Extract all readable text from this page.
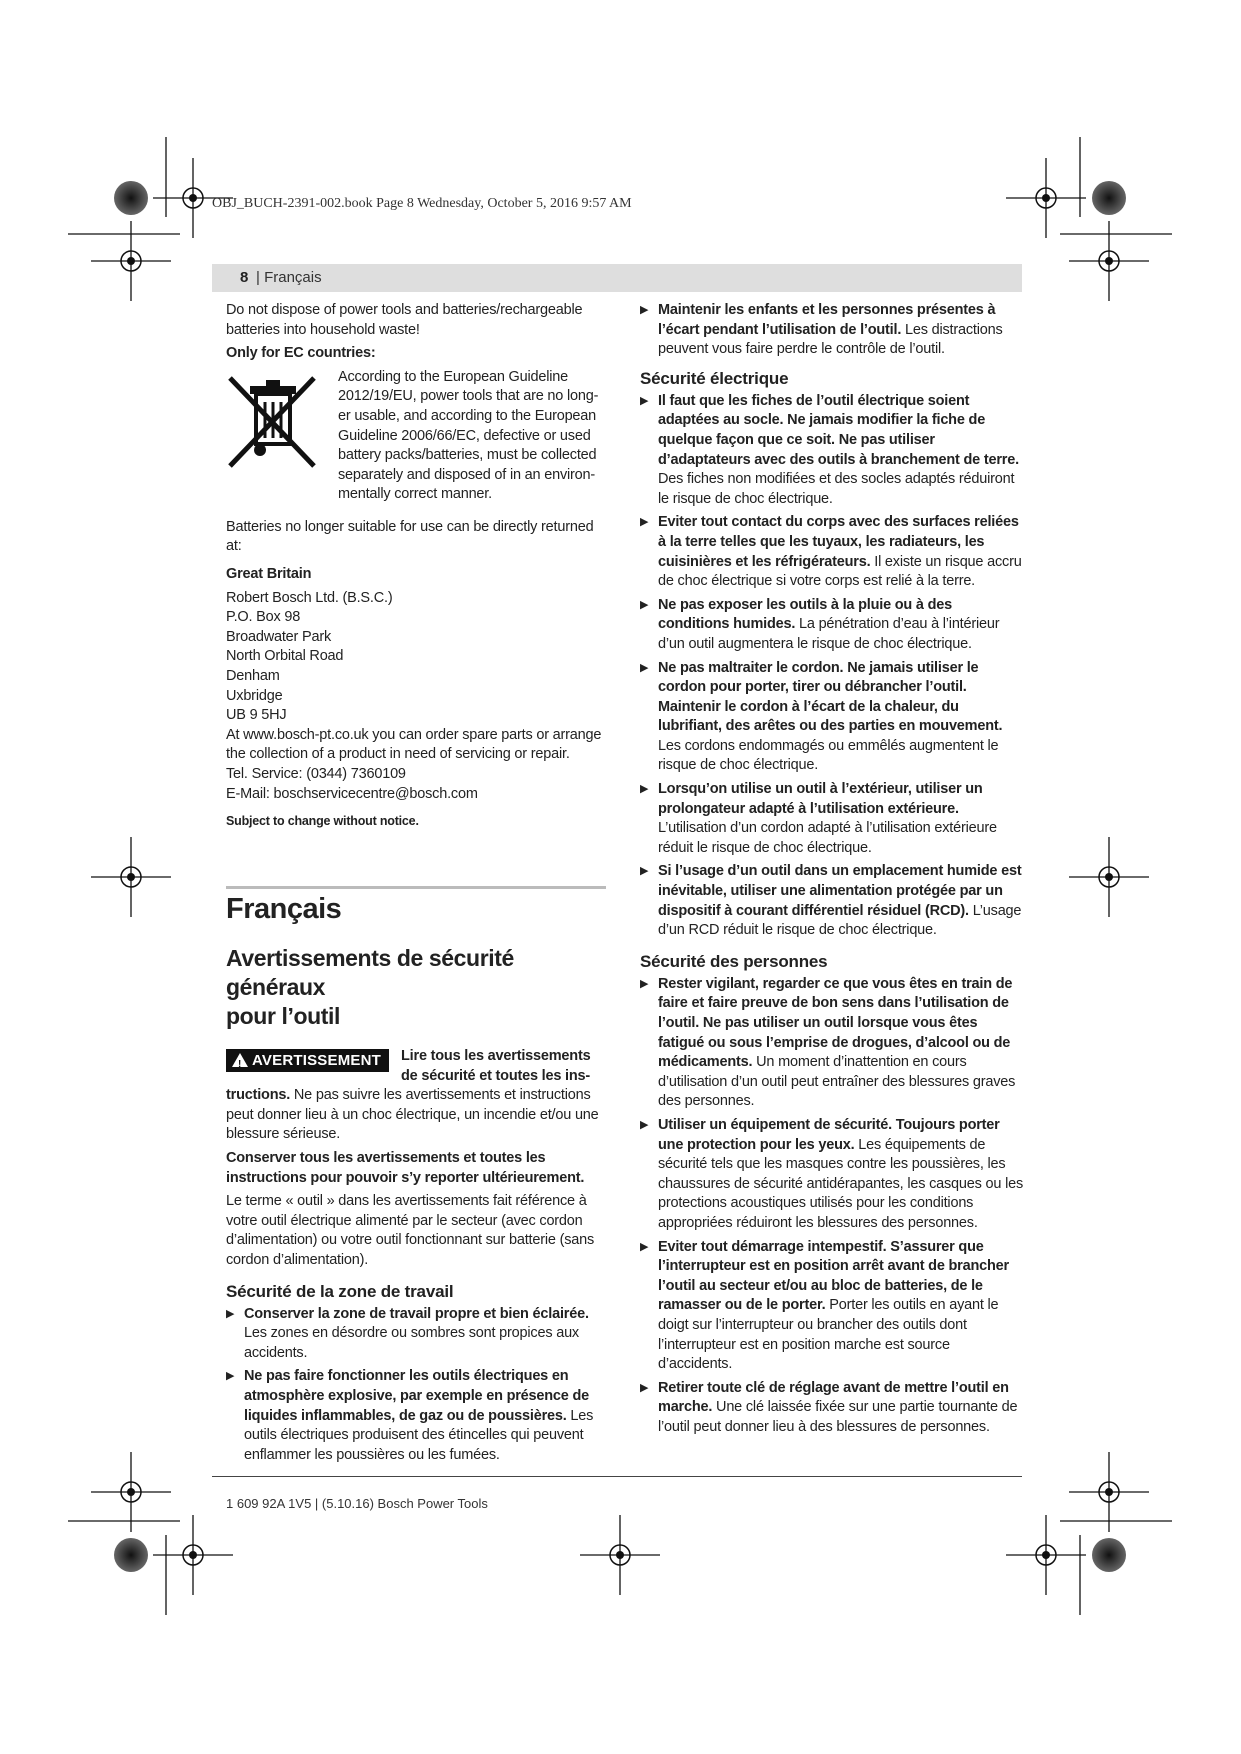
OBJ_BUCH-2391-002.book Page 8 Wednesday, October 5, 2016 9:57 AM
8 | Français

Do not dispose of power tools and batteries/rechargeable batteries into household waste!

Only for EC countries:

According to the European Guideline
2012/19/EU, power tools that are no long-
er usable, and according to the European
Guideline 2006/66/EC, defective or used
battery packs/batteries, must be collected
separately and disposed of in an environ-
mentally correct manner.

Batteries no longer suitable for use can be directly returned at:

Great Britain

Robert Bosch Ltd. (B.S.C.)
P.O. Box 98
Broadwater Park
North Orbital Road
Denham
Uxbridge
UB 9 5HJ
At www.bosch-pt.co.uk you can order spare parts or arrange the collection of a product in need of servicing or repair.
Tel. Service: (0344) 7360109
E-Mail: boschservicecentre@bosch.com

Subject to change without notice.

Français
Avertissements de sécurité généraux
pour l’outil
! AVERTISSEMENT	Lire tous les avertissements
de sécurité et toutes les ins-

tructions. Ne pas suivre les avertissements et instructions peut donner lieu à un choc électrique, un incendie et/ou une blessure sérieuse.

Conserver tous les avertissements et toutes les instructions pour pouvoir s’y reporter ultérieurement.

Le terme « outil » dans les avertissements fait référence à votre outil électrique alimenté par le secteur (avec cordon d’alimentation) ou votre outil fonctionnant sur batterie (sans cordon d’alimentation).

Sécurité de la zone de travail
▶ Conserver la zone de travail propre et bien éclairée. Les zones en désordre ou sombres sont propices aux accidents.
▶ Ne pas faire fonctionner les outils électriques en atmosphère explosive, par exemple en présence de liquides inflammables, de gaz ou de poussières. Les outils électriques produisent des étincelles qui peuvent enflammer les poussières ou les fumées.
▶ Maintenir les enfants et les personnes présentes à l’écart pendant l’utilisation de l’outil. Les distractions peuvent vous faire perdre le contrôle de l’outil.
Sécurité électrique
▶ Il faut que les fiches de l’outil électrique soient adaptées au socle. Ne jamais modifier la fiche de quelque façon que ce soit. Ne pas utiliser d’adaptateurs avec des outils à branchement de terre. Des fiches non modifiées et des socles adaptés réduiront le risque de choc électrique.
▶ Eviter tout contact du corps avec des surfaces reliées à la terre telles que les tuyaux, les radiateurs, les cuisinières et les réfrigérateurs. Il existe un risque accru de choc électrique si votre corps est relié à la terre.
▶ Ne pas exposer les outils à la pluie ou à des conditions humides. La pénétration d’eau à l’intérieur d’un outil augmentera le risque de choc électrique.
▶ Ne pas maltraiter le cordon. Ne jamais utiliser le cordon pour porter, tirer ou débrancher l’outil. Maintenir le cordon à l’écart de la chaleur, du lubrifiant, des arêtes ou des parties en mouvement. Les cordons endommagés ou emmêlés augmentent le risque de choc électrique.
▶ Lorsqu’on utilise un outil à l’extérieur, utiliser un prolongateur adapté à l’utilisation extérieure. L’utilisation d’un cordon adapté à l’utilisation extérieure réduit le risque de choc électrique.
▶ Si l’usage d’un outil dans un emplacement humide est inévitable, utiliser une alimentation protégée par un dispositif à courant différentiel résiduel (RCD). L’usage d’un RCD réduit le risque de choc électrique.
Sécurité des personnes
▶ Rester vigilant, regarder ce que vous êtes en train de faire et faire preuve de bon sens dans l’utilisation de l’outil. Ne pas utiliser un outil lorsque vous êtes fatigué ou sous l’emprise de drogues, d’alcool ou de médicaments. Un moment d’inattention en cours d’utilisation d’un outil peut entraîner des blessures graves des personnes.
▶ Utiliser un équipement de sécurité. Toujours porter une protection pour les yeux. Les équipements de sécurité tels que les masques contre les poussières, les chaussures de sécurité antidérapantes, les casques ou les protections acoustiques utilisés pour les conditions appropriées réduiront les blessures des personnes.
▶ Eviter tout démarrage intempestif. S’assurer que l’interrupteur est en position arrêt avant de brancher l’outil au secteur et/ou au bloc de batteries, de le ramasser ou de le porter. Porter les outils en ayant le doigt sur l’interrupteur ou brancher des outils dont l’interrupteur est en position marche est source d’accidents.
▶ Retirer toute clé de réglage avant de mettre l’outil en marche. Une clé laissée fixée sur une partie tournante de l’outil peut donner lieu à des blessures de personnes.
1 609 92A 1V5 | (5.10.16) Bosch Power Tools
